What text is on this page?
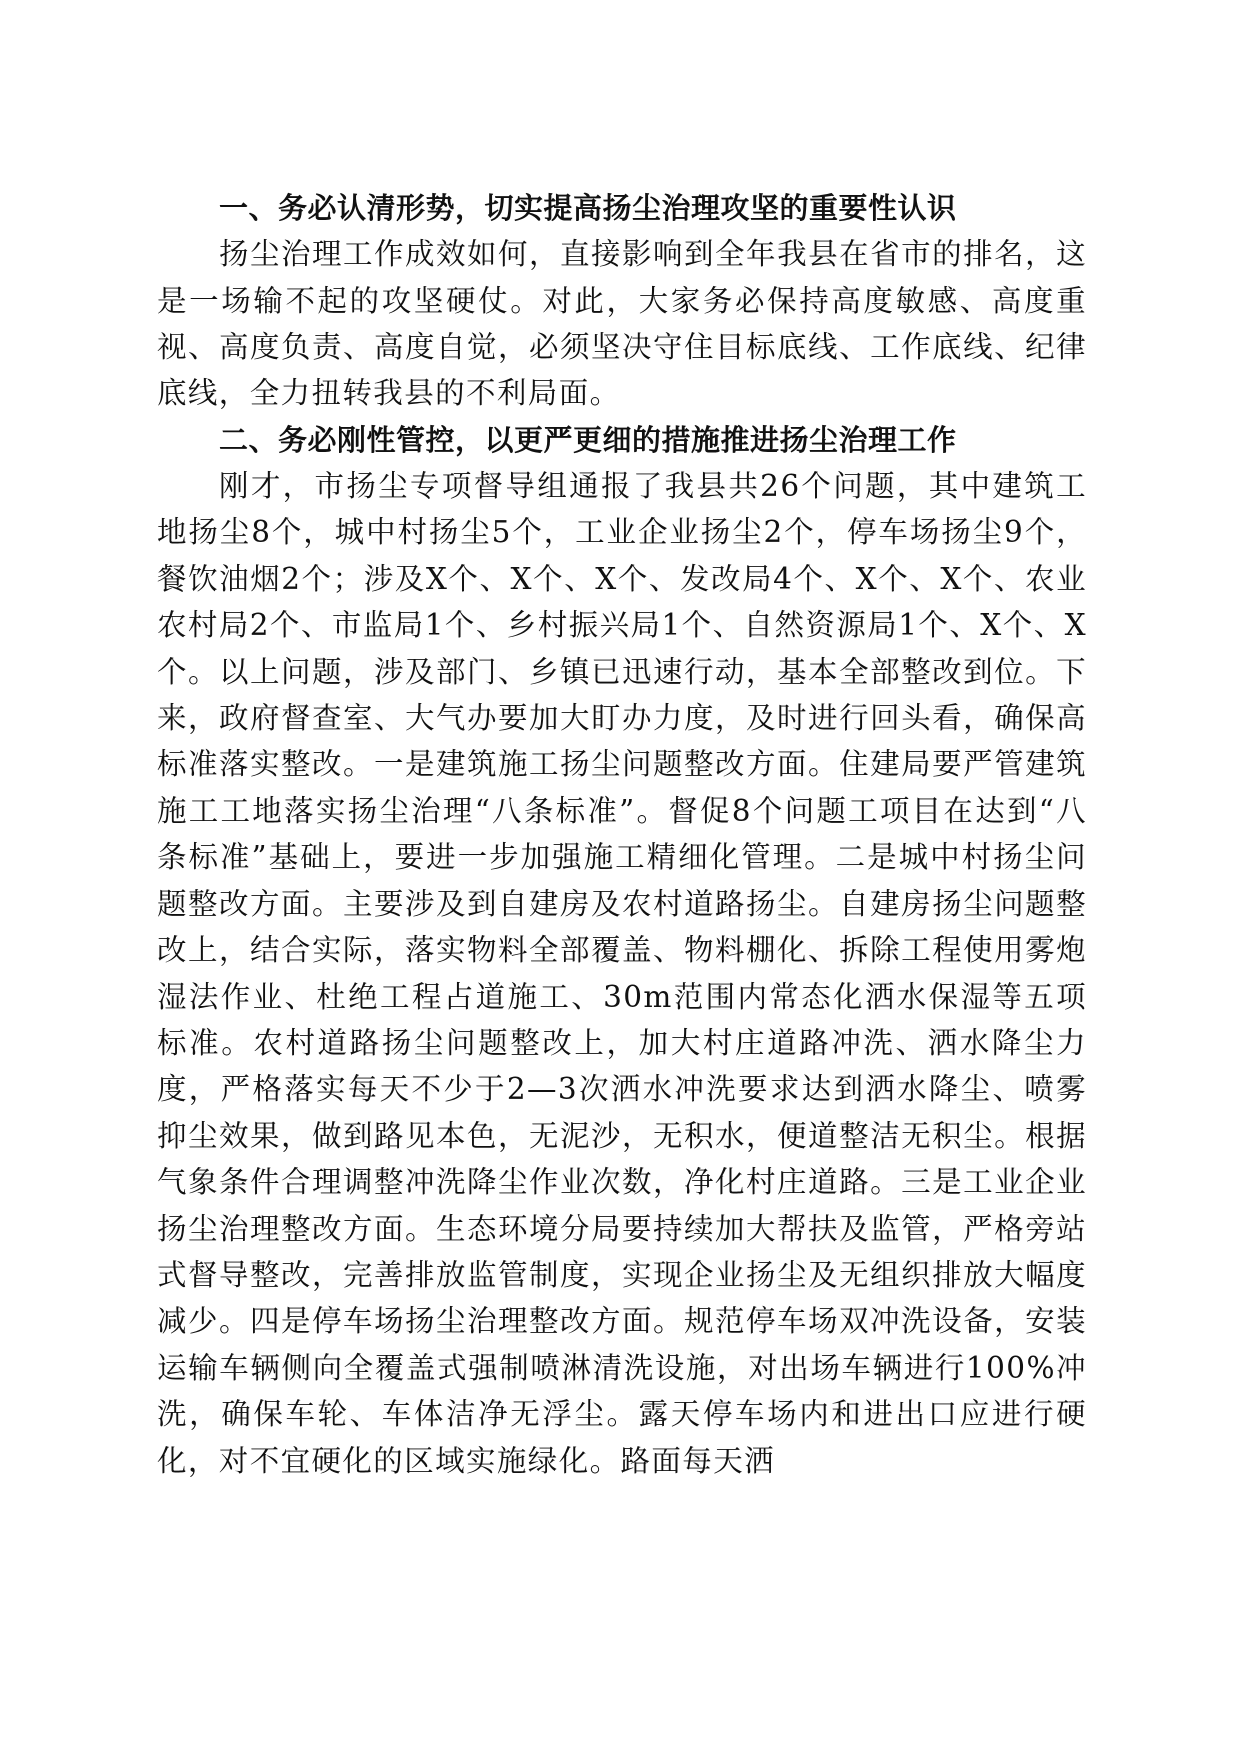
一、务必认清形势，切实提高扬尘治理攻坚的重要性认识

扬尘治理工作成效如何，直接影响到全年我县在省市的排名，这是一场输不起的攻坚硬仗。对此，大家务必保持高度敏感、高度重视、高度负责、高度自觉，必须坚决守住目标底线、工作底线、纪律底线，全力扭转我县的不利局面。

二、务必刚性管控，以更严更细的措施推进扬尘治理工作

刚才，市扬尘专项督导组通报了我县共26个问题，其中建筑工地扬尘8个，城中村扬尘5个，工业企业扬尘2个，停车场扬尘9个，餐饮油烟2个；涉及X个、X个、X个、发改局4个、X个、X个、农业农村局2个、市监局1个、乡村振兴局1个、自然资源局1个、X个、X个。以上问题，涉及部门、乡镇已迅速行动，基本全部整改到位。下来，政府督查室、大气办要加大盯办力度，及时进行回头看，确保高标准落实整改。一是建筑施工扬尘问题整改方面。住建局要严管建筑施工工地落实扬尘治理“八条标准”。督促8个问题工项目在达到“八条标准”基础上，要进一步加强施工精细化管理。二是城中村扬尘问题整改方面。主要涉及到自建房及农村道路扬尘。自建房扬尘问题整改上，结合实际，落实物料全部覆盖、物料棚化、拆除工程使用雾炮湿法作业、杜绝工程占道施工、30m范围内常态化洒水保湿等五项标准。农村道路扬尘问题整改上，加大村庄道路冲洗、洒水降尘力度，严格落实每天不少于2—3次洒水冲洗要求达到洒水降尘、喷雾抑尘效果，做到路见本色，无泥沙，无积水，便道整洁无积尘。根据气象条件合理调整冲洗降尘作业次数，净化村庄道路。三是工业企业扬尘治理整改方面。生态环境分局要持续加大帮扶及监管，严格旁站式督导整改，完善排放监管制度，实现企业扬尘及无组织排放大幅度减少。四是停车场扬尘治理整改方面。规范停车场双冲洗设备，安装运输车辆侧向全覆盖式强制喷淋清洗设施，对出场车辆进行100%冲洗，确保车轮、车体洁净无浮尘。露天停车场内和进出口应进行硬化，对不宜硬化的区域实施绿化。路面每天洒
